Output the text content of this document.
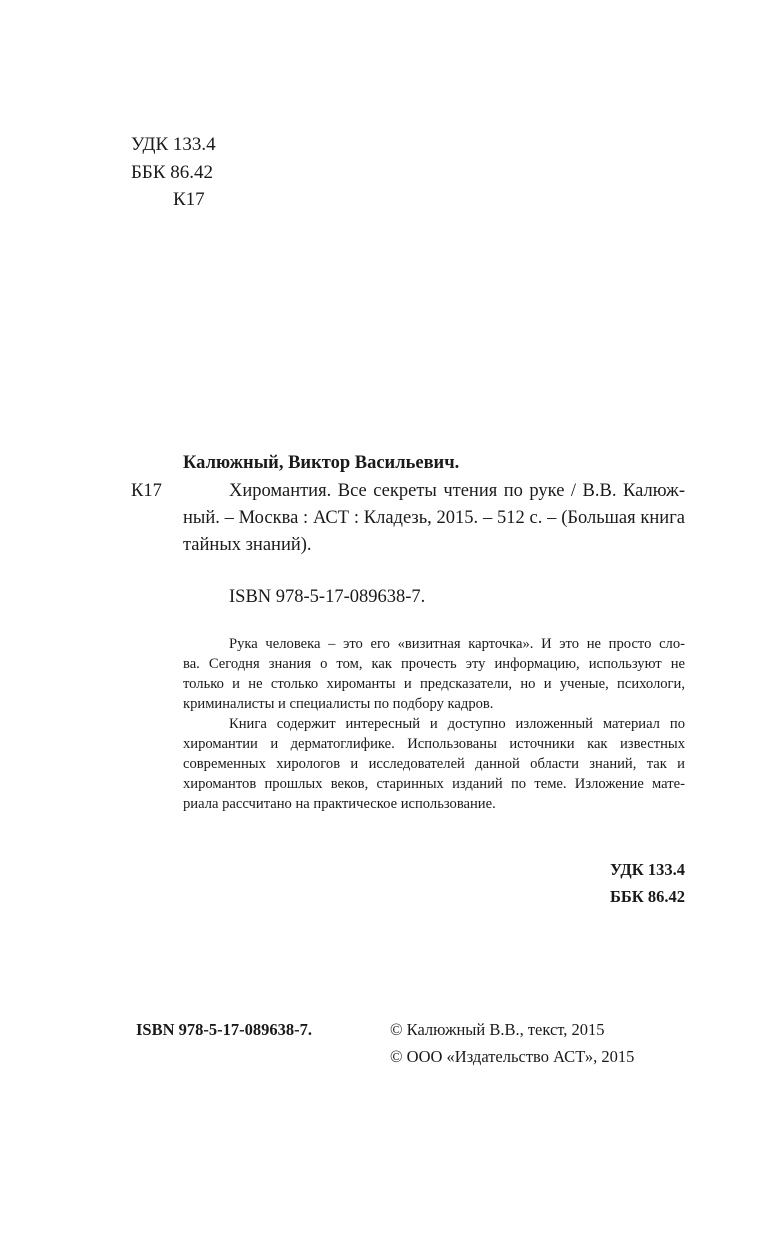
УДК 133.4
ББК 86.42
К17
Калюжный, Виктор Васильевич.
К17	Хиромантия. Все секреты чтения по руке / В.В. Калюж-
ный. – Москва : АСТ : Кладезь, 2015. – 512 с. – (Большая книга
тайных знаний).
ISBN 978-5-17-089638-7.
Рука человека – это его «визитная карточка». И это не просто сло-
ва. Сегодня знания о том, как прочесть эту информацию, используют не
только и не столько хироманты и предсказатели, но и ученые, психологи,
криминалисты и специалисты по подбору кадров.
Книга содержит интересный и доступно изложенный материал по
хиромантии и дерматоглифике. Использованы источники как известных
современных хирологов и исследователей данной области знаний, так и
хиромантов прошлых веков, старинных изданий по теме. Изложение мате-
риала рассчитано на практическое использование.
УДК 133.4
ББК 86.42
ISBN 978-5-17-089638-7.	© Калюжный В.В., текст, 2015
© ООО «Издательство АСТ», 2015
